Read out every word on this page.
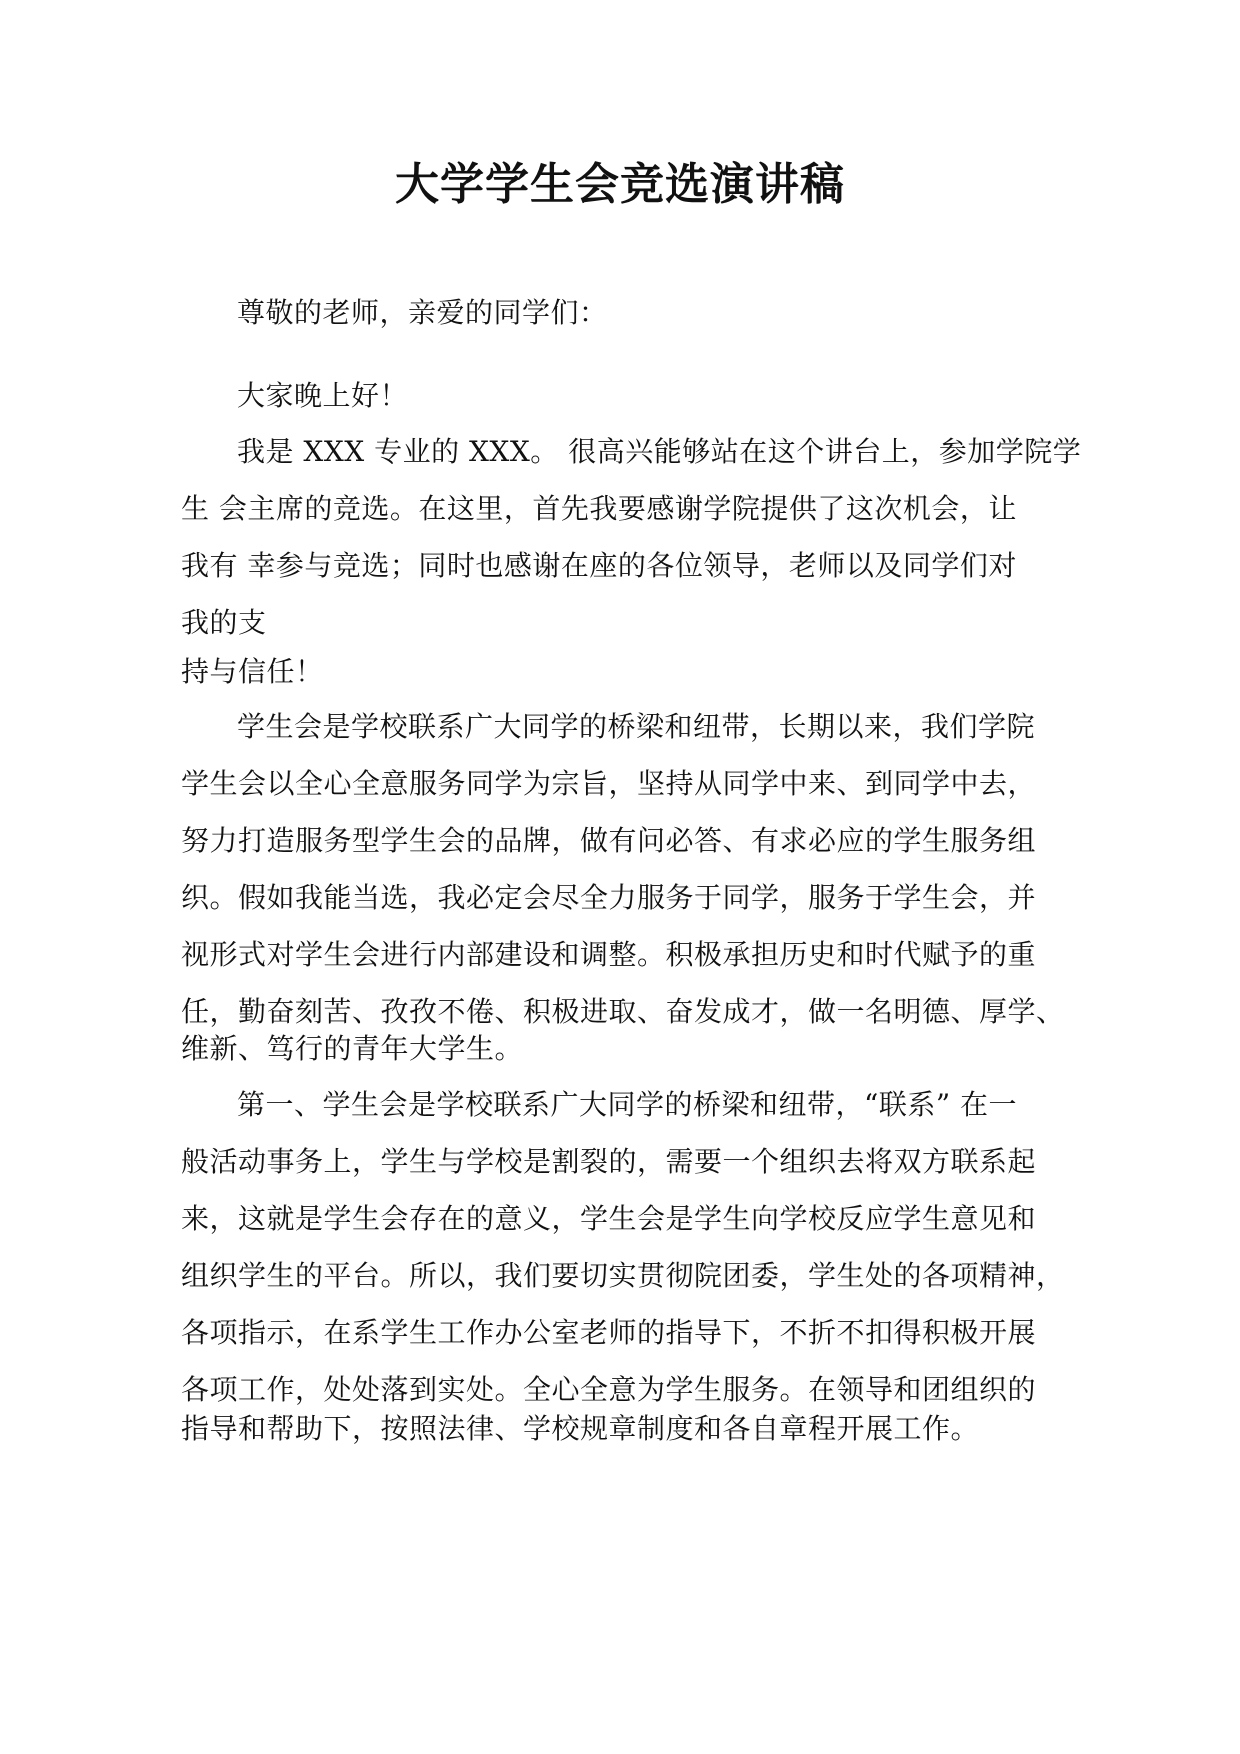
大学学生会竞选演讲稿

尊敬的老师，亲爱的同学们：

大家晚上好！

我是 XXX 专业的 XXX。 很高兴能够站在这个讲台上，参加学院学
生 会主席的竞选。在这里，首先我要感谢学院提供了这次机会，让
我有 幸参与竞选；同时也感谢在座的各位领导，老师以及同学们对
我的支
持与信任！
学生会是学校联系广大同学的桥梁和纽带，长期以来，我们学院
学生会以全心全意服务同学为宗旨，坚持从同学中来、到同学中去，
努力打造服务型学生会的品牌，做有问必答、有求必应的学生服务组
织。假如我能当选，我必定会尽全力服务于同学，服务于学生会，并
视形式对学生会进行内部建设和调整。积极承担历史和时代赋予的重
任，勤奋刻苦、孜孜不倦、积极进取、奋发成才，做一名明德、厚学、
维新、笃行的青年大学生。
第一、学生会是学校联系广大同学的桥梁和纽带，“联系” 在一
般活动事务上，学生与学校是割裂的，需要一个组织去将双方联系起
来，这就是学生会存在的意义，学生会是学生向学校反应学生意见和
组织学生的平台。所以，我们要切实贯彻院团委，学生处的各项精神，
各项指示，在系学生工作办公室老师的指导下，不折不扣得积极开展
各项工作，处处落到实处。全心全意为学生服务。在领导和团组织的
指导和帮助下，按照法律、学校规章制度和各自章程开展工作。
